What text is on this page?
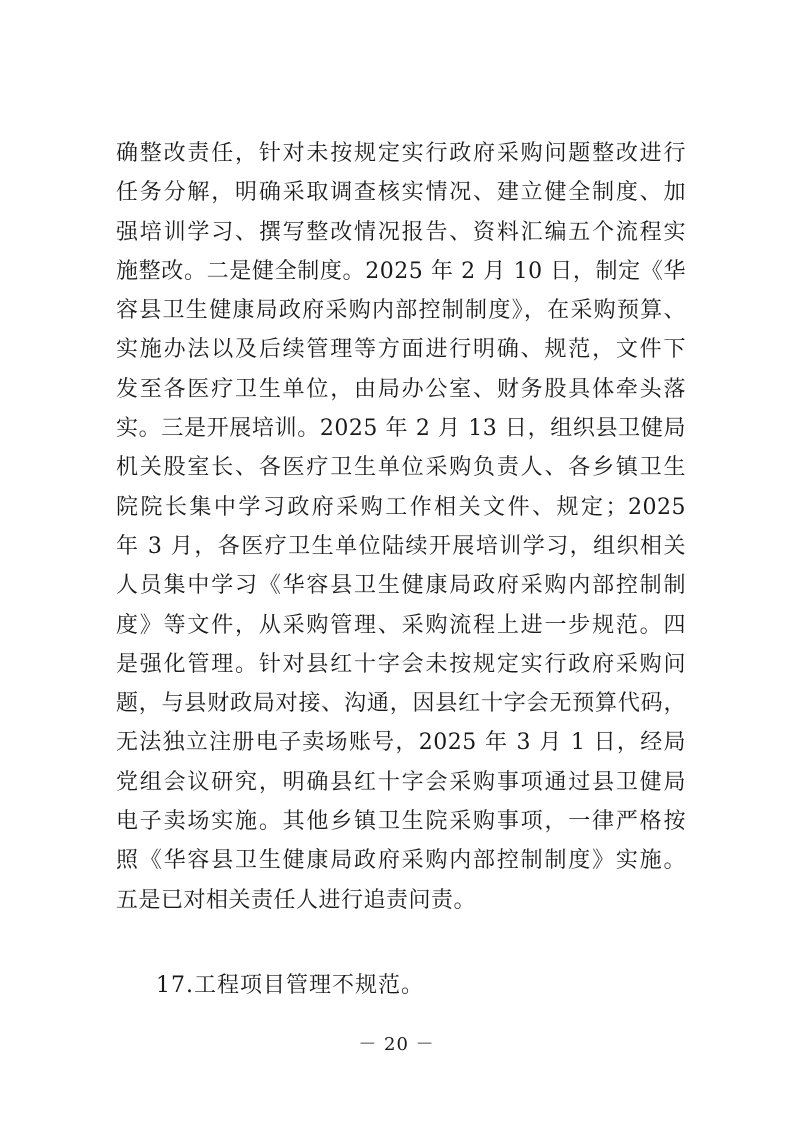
确整改责任，针对未按规定实行政府采购问题整改进行
任务分解，明确采取调查核实情况、建立健全制度、加
强培训学习、撰写整改情况报告、资料汇编五个流程实
施整改。二是健全制度。2025 年 2 月 10 日，制定《华
容县卫生健康局政府采购内部控制制度》，在采购预算、
实施办法以及后续管理等方面进行明确、规范，文件下
发至各医疗卫生单位，由局办公室、财务股具体牵头落
实。三是开展培训。2025 年 2 月 13 日，组织县卫健局
机关股室长、各医疗卫生单位采购负责人、各乡镇卫生
院院长集中学习政府采购工作相关文件、规定；2025
年 3 月，各医疗卫生单位陆续开展培训学习，组织相关
人员集中学习《华容县卫生健康局政府采购内部控制制
度》等文件，从采购管理、采购流程上进一步规范。四
是强化管理。针对县红十字会未按规定实行政府采购问
题，与县财政局对接、沟通，因县红十字会无预算代码，
无法独立注册电子卖场账号，2025 年 3 月 1 日，经局
党组会议研究，明确县红十字会采购事项通过县卫健局
电子卖场实施。其他乡镇卫生院采购事项，一律严格按
照《华容县卫生健康局政府采购内部控制制度》实施。
五是已对相关责任人进行追责问责。
17.工程项目管理不规范。
－ 20 －
